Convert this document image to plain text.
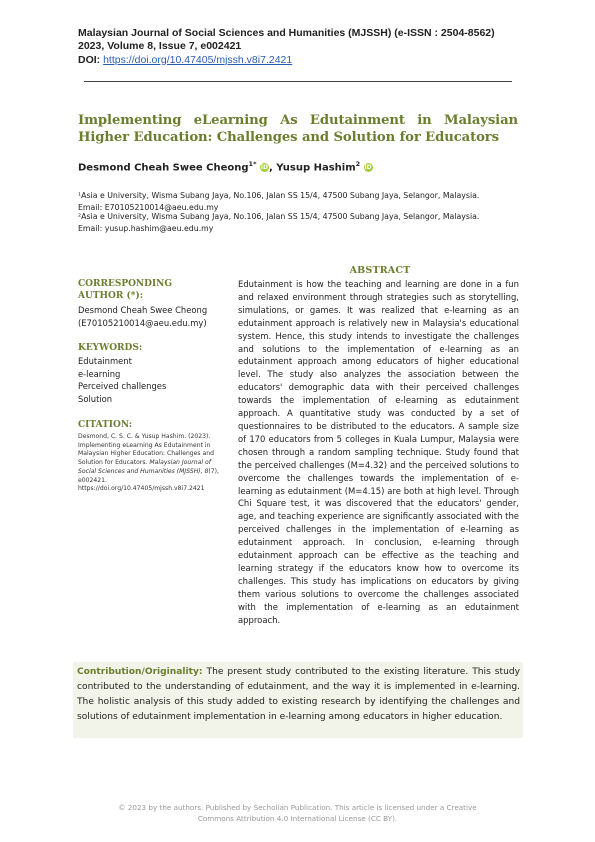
Malaysian Journal of Social Sciences and Humanities (MJSSH) (e-ISSN : 2504-8562)
2023, Volume 8, Issue 7, e002421
DOI: https://doi.org/10.47405/mjssh.v8i7.2421
Implementing eLearning As Edutainment in Malaysian Higher Education: Challenges and Solution for Educators
Desmond Cheah Swee Cheong$^{1*}$ iD, Yusup Hashim$^2$ iD
¹Asia e University, Wisma Subang Jaya, No.106, Jalan SS 15/4, 47500 Subang Jaya, Selangor, Malaysia.
Email: E70105210014@aeu.edu.my
²Asia e University, Wisma Subang Jaya, No.106, Jalan SS 15/4, 47500 Subang Jaya, Selangor, Malaysia.
Email: yusup.hashim@aeu.edu.my
CORRESPONDING
AUTHOR (*):
Desmond Cheah Swee Cheong
(E70105210014@aeu.edu.my)
KEYWORDS:
Edutainment
e-learning
Perceived challenges
Solution
CITATION:
Desmond, C. S. C. & Yusup Hashim. (2023). Implementing eLearning As Edutainment in Malaysian Higher Education: Challenges and Solution for Educators. Malaysian Journal of Social Sciences and Humanities (MJSSH), 8(7), e002421. https://doi.org/10.47405/mjssh.v8i7.2421
ABSTRACT
Edutainment is how the teaching and learning are done in a fun and relaxed environment through strategies such as storytelling, simulations, or games. It was realized that e-learning as an edutainment approach is relatively new in Malaysia's educational system. Hence, this study intends to investigate the challenges and solutions to the implementation of e-learning as an edutainment approach among educators of higher educational level. The study also analyzes the association between the educators' demographic data with their perceived challenges towards the implementation of e-learning as edutainment approach. A quantitative study was conducted by a set of questionnaires to be distributed to the educators. A sample size of 170 educators from 5 colleges in Kuala Lumpur, Malaysia were chosen through a random sampling technique. Study found that the perceived challenges (M=4.32) and the perceived solutions to overcome the challenges towards the implementation of e-learning as edutainment (M=4.15) are both at high level. Through Chi Square test, it was discovered that the educators' gender, age, and teaching experience are significantly associated with the perceived challenges in the implementation of e-learning as edutainment approach. In conclusion, e-learning through edutainment approach can be effective as the teaching and learning strategy if the educators know how to overcome its challenges. This study has implications on educators by giving them various solutions to overcome the challenges associated with the implementation of e-learning as an edutainment approach.
Contribution/Originality: The present study contributed to the existing literature. This study contributed to the understanding of edutainment, and the way it is implemented in e-learning. The holistic analysis of this study added to existing research by identifying the challenges and solutions of edutainment implementation in e-learning among educators in higher education.
© 2023 by the authors. Published by Secholian Publication. This article is licensed under a Creative
Commons Attribution 4.0 International License (CC BY).
